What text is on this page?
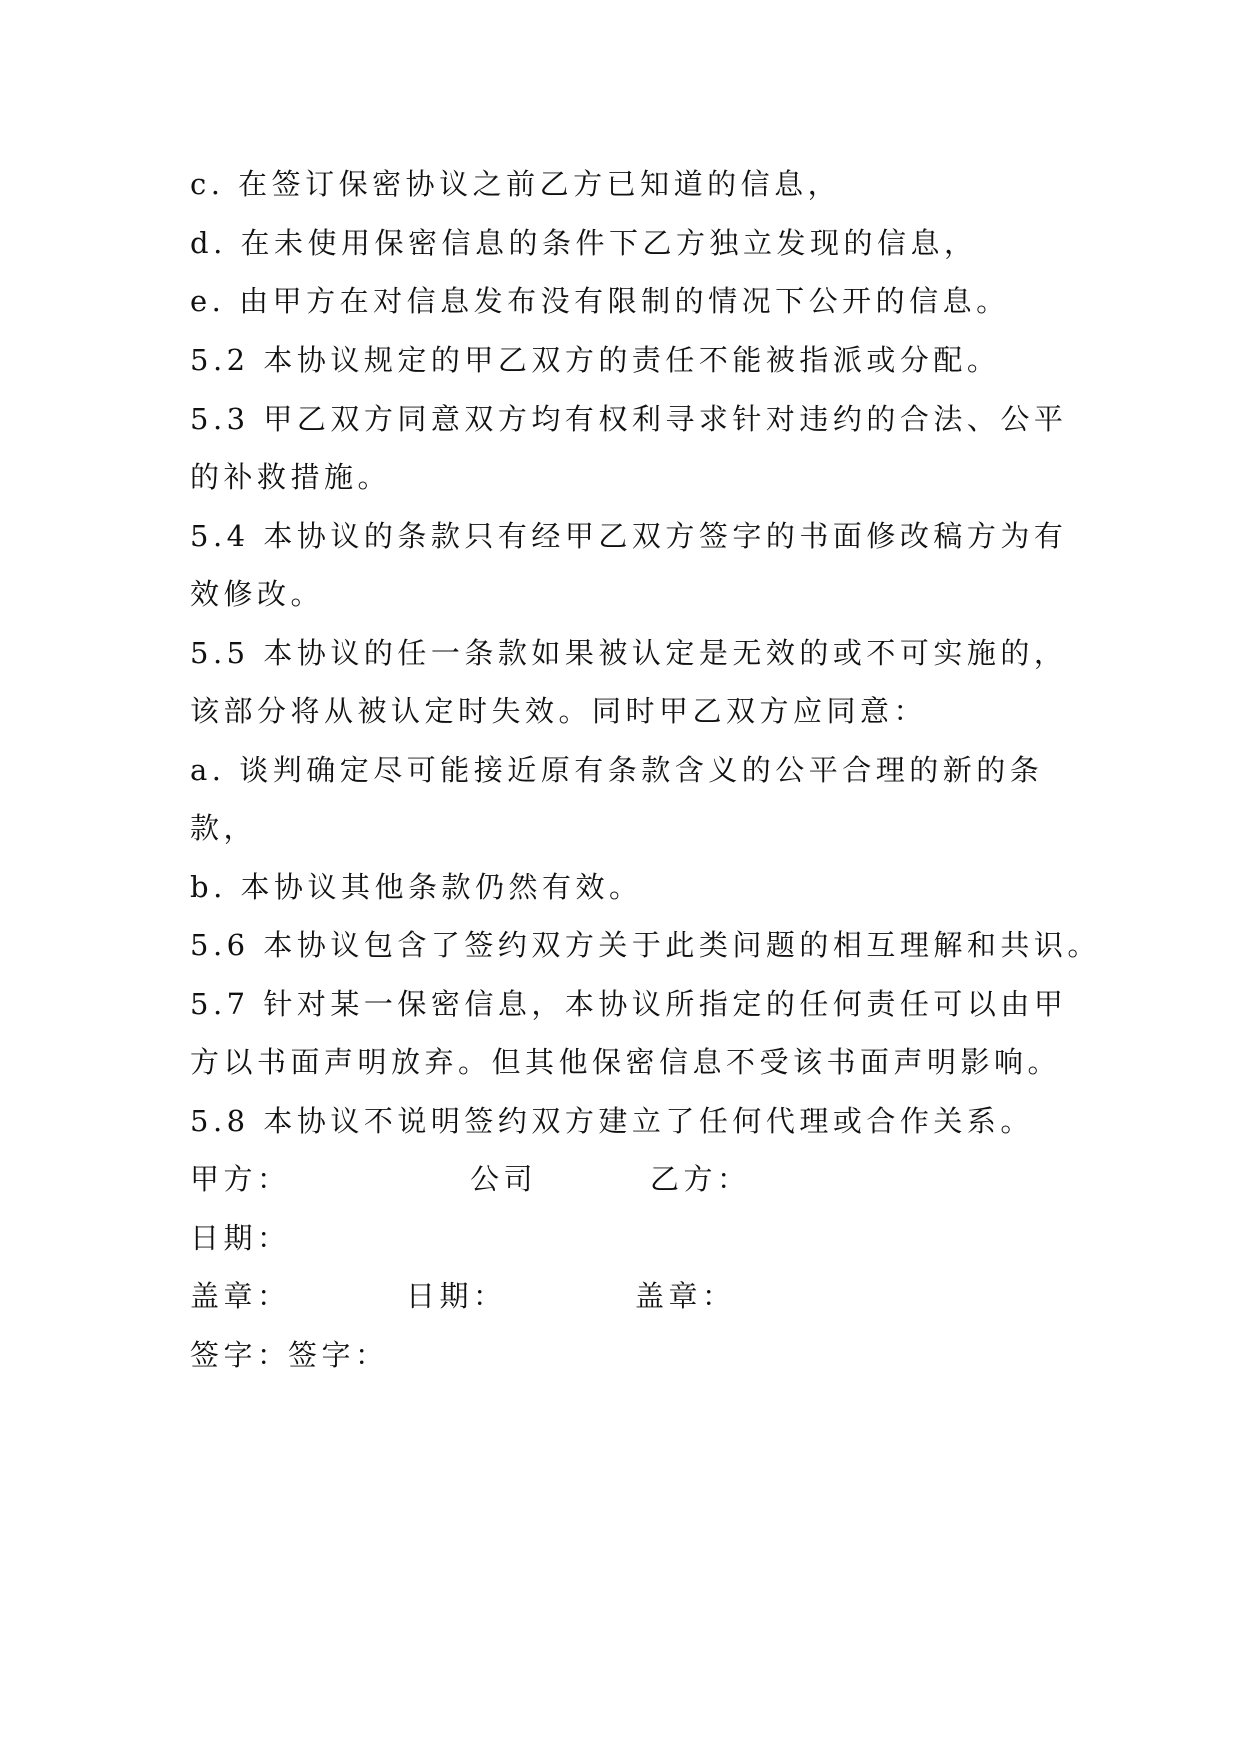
c. 在签订保密协议之前乙方已知道的信息，
d. 在未使用保密信息的条件下乙方独立发现的信息，
e. 由甲方在对信息发布没有限制的情况下公开的信息。
5.2 本协议规定的甲乙双方的责任不能被指派或分配。
5.3 甲乙双方同意双方均有权利寻求针对违约的合法、公平
的补救措施。
5.4 本协议的条款只有经甲乙双方签字的书面修改稿方为有
效修改。
5.5 本协议的任一条款如果被认定是无效的或不可实施的，
该部分将从被认定时失效。同时甲乙双方应同意：
a. 谈判确定尽可能接近原有条款含义的公平合理的新的条
款，
b. 本协议其他条款仍然有效。
5.6 本协议包含了签约双方关于此类问题的相互理解和共识。
5.7 针对某一保密信息，本协议所指定的任何责任可以由甲
方以书面声明放弃。但其他保密信息不受该书面声明影响。
5.8 本协议不说明签约双方建立了任何代理或合作关系。
甲方：	公司	乙方：
日期：
盖章：	日期：	盖章：
签字：
签字：
